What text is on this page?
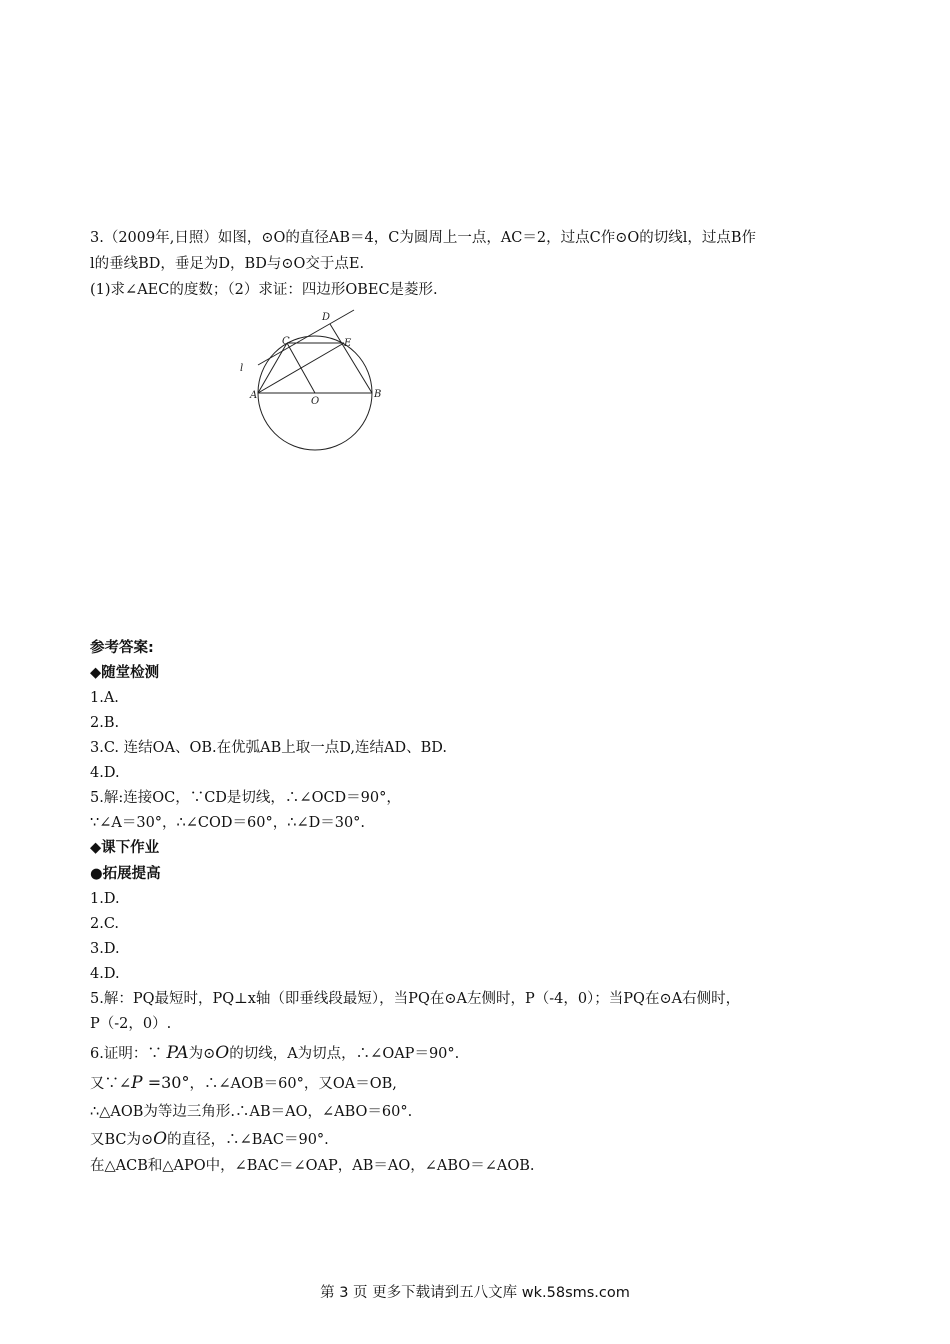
3.（2009年,日照）如图，⊙O的直径AB＝4，C为圆周上一点，AC＝2，过点C作⊙O的切线l，过点B作
l的垂线BD，垂足为D，BD与⊙O交于点E.
(1)求∠AEC的度数；（2）求证：四边形OBEC是菱形.
D
C	E
l
A
O
B
参考答案:
◆随堂检测
1.A.
2.B.
3.C. 连结OA、OB.在优弧AB上取一点D,连结AD、BD.
4.D.
5.解:连接OC，∵CD是切线，∴∠OCD＝90°，
∵∠A＝30°，∴∠COD＝60°，∴∠D＝30°.
◆课下作业
●拓展提高
1.D.
2.C.
3.D.
4.D.
5.解：PQ最短时，PQ⊥x轴（即垂线段最短），当PQ在⊙A左侧时，P（-4，0）；当PQ在⊙A右侧时，
P（-2，0）.
6.证明：∵ PA为⊙O的切线，A为切点，∴∠OAP＝90°.
又∵∠P =30°，∴∠AOB＝60°，又OA＝OB,
∴△AOB为等边三角形.∴AB＝AO，∠ABO＝60°.
又BC为⊙O的直径，∴∠BAC＝90°.
在△ACB和△APO中，∠BAC＝∠OAP，AB＝AO，∠ABO＝∠AOB.
第 3 页 更多下载请到五八文库 wk.58sms.com
